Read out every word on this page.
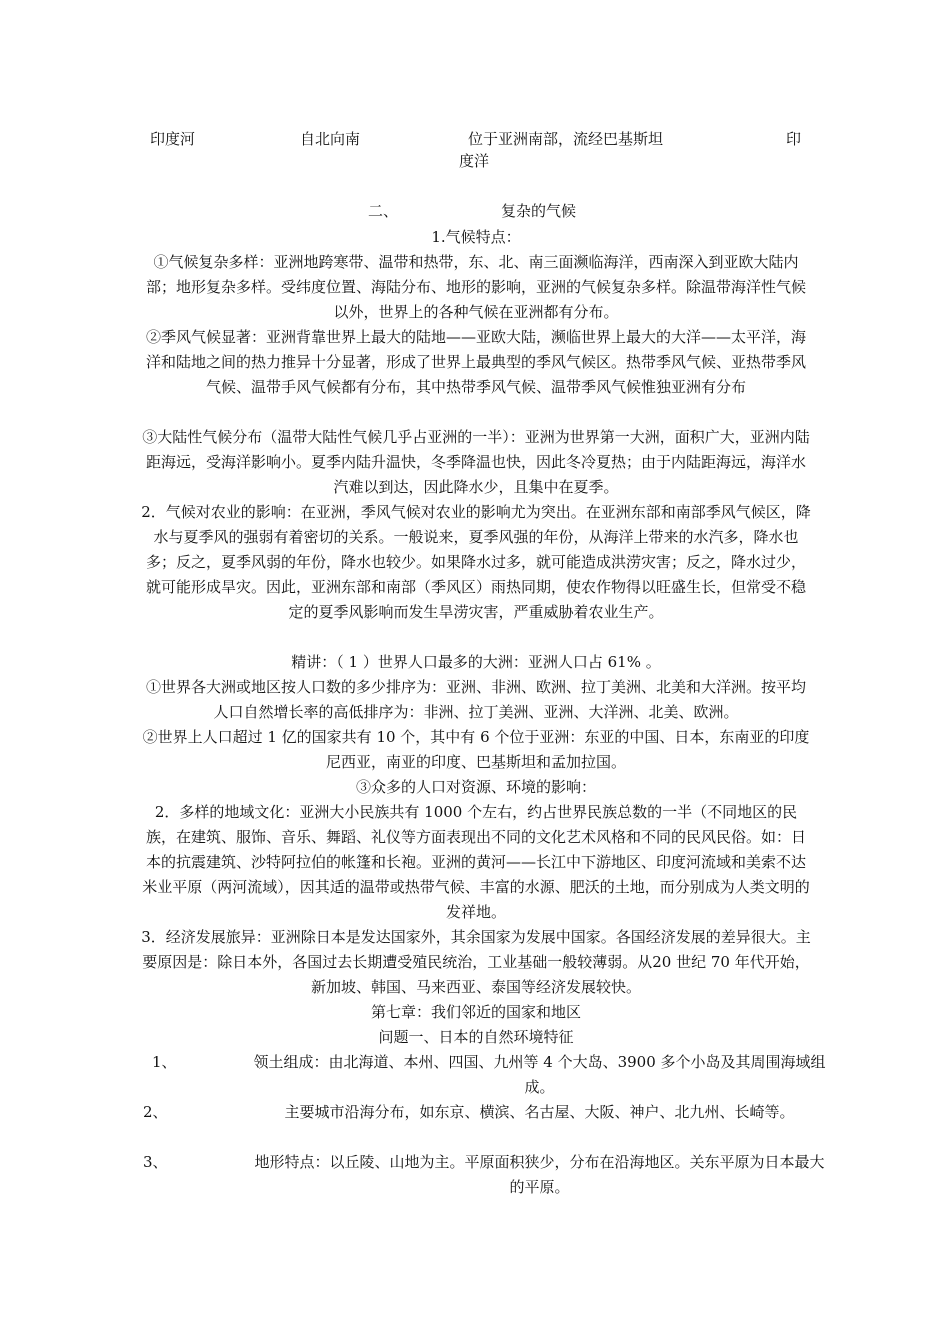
印度河	自北向南	位于亚洲南部，流经巴基斯坦	印
度洋
二、	复杂的气候

1.气候特点：

①气候复杂多样：亚洲地跨寒带、温带和热带，东、北、南三面濒临海洋，西南深入到亚欧大陆内部；地形复杂多样。受纬度位置、海陆分布、地形的影响，亚洲的气候复杂多样。除温带海洋性气候以外，世界上的各种气候在亚洲都有分布。

②季风气候显著：亚洲背靠世界上最大的陆地——亚欧大陆，濒临世界上最大的大洋——太平洋，海洋和陆地之间的热力推异十分显著，形成了世界上最典型的季风气候区。热带季风气候、亚热带季风气候、温带手风气候都有分布，其中热带季风气候、温带季风气候惟独亚洲有分布

③大陆性气候分布（温带大陆性气候几乎占亚洲的一半）：亚洲为世界第一大洲，面积广大，亚洲内陆距海远，受海洋影响小。夏季内陆升温快，冬季降温也快，因此冬冷夏热；由于内陆距海远，海洋水汽难以到达，因此降水少，且集中在夏季。

2．气候对农业的影响：在亚洲，季风气候对农业的影响尤为突出。在亚洲东部和南部季风气候区，降水与夏季风的强弱有着密切的关系。一般说来，夏季风强的年份，从海洋上带来的水汽多，降水也多；反之，夏季风弱的年份，降水也较少。如果降水过多，就可能造成洪涝灾害；反之，降水过少，就可能形成旱灾。因此，亚洲东部和南部（季风区）雨热同期，使农作物得以旺盛生长，但常受不稳定的夏季风影响而发生旱涝灾害，严重威胁着农业生产。

精讲：（ 1 ）世界人口最多的大洲：亚洲人口占 61% 。

①世界各大洲或地区按人口数的多少排序为：亚洲、非洲、欧洲、拉丁美洲、北美和大洋洲。按平均人口自然增长率的高低排序为：非洲、拉丁美洲、亚洲、大洋洲、北美、欧洲。

②世界上人口超过 1 亿的国家共有 10 个，其中有 6 个位于亚洲：东亚的中国、日本，东南亚的印度尼西亚，南亚的印度、巴基斯坦和孟加拉国。

③众多的人口对资源、环境的影响：

2．多样的地域文化：亚洲大小民族共有 1000 个左右，约占世界民族总数的一半（不同地区的民族，在建筑、服饰、音乐、舞蹈、礼仪等方面表现出不同的文化艺术风格和不同的民风民俗。如：日本的抗震建筑、沙特阿拉伯的帐篷和长袍。亚洲的黄河——长江中下游地区、印度河流域和美索不达米业平原（两河流域），因其适的温带或热带气候、丰富的水源、肥沃的土地，而分别成为人类文明的发祥地。

3．经济发展旅异：亚洲除日本是发达国家外，其余国家为发展中国家。各国经济发展的差异很大。主要原因是：除日本外，各国过去长期遭受殖民统治，工业基础一般较薄弱。从20 世纪 70 年代开始，新加坡、韩国、马来西亚、泰国等经济发展较快。

第七章：我们邻近的国家和地区

问题一、日本的自然环境特征

1、	领土组成：由北海道、本州、四国、九州等 4 个大岛、3900 多个小岛及其周围海域组成。

2、	主要城市沿海分布，如东京、横滨、名古屋、大阪、神户、北九州、长崎等。

3、	地形特点：以丘陵、山地为主。平原面积狭少，分布在沿海地区。关东平原为日本最大的平原。
